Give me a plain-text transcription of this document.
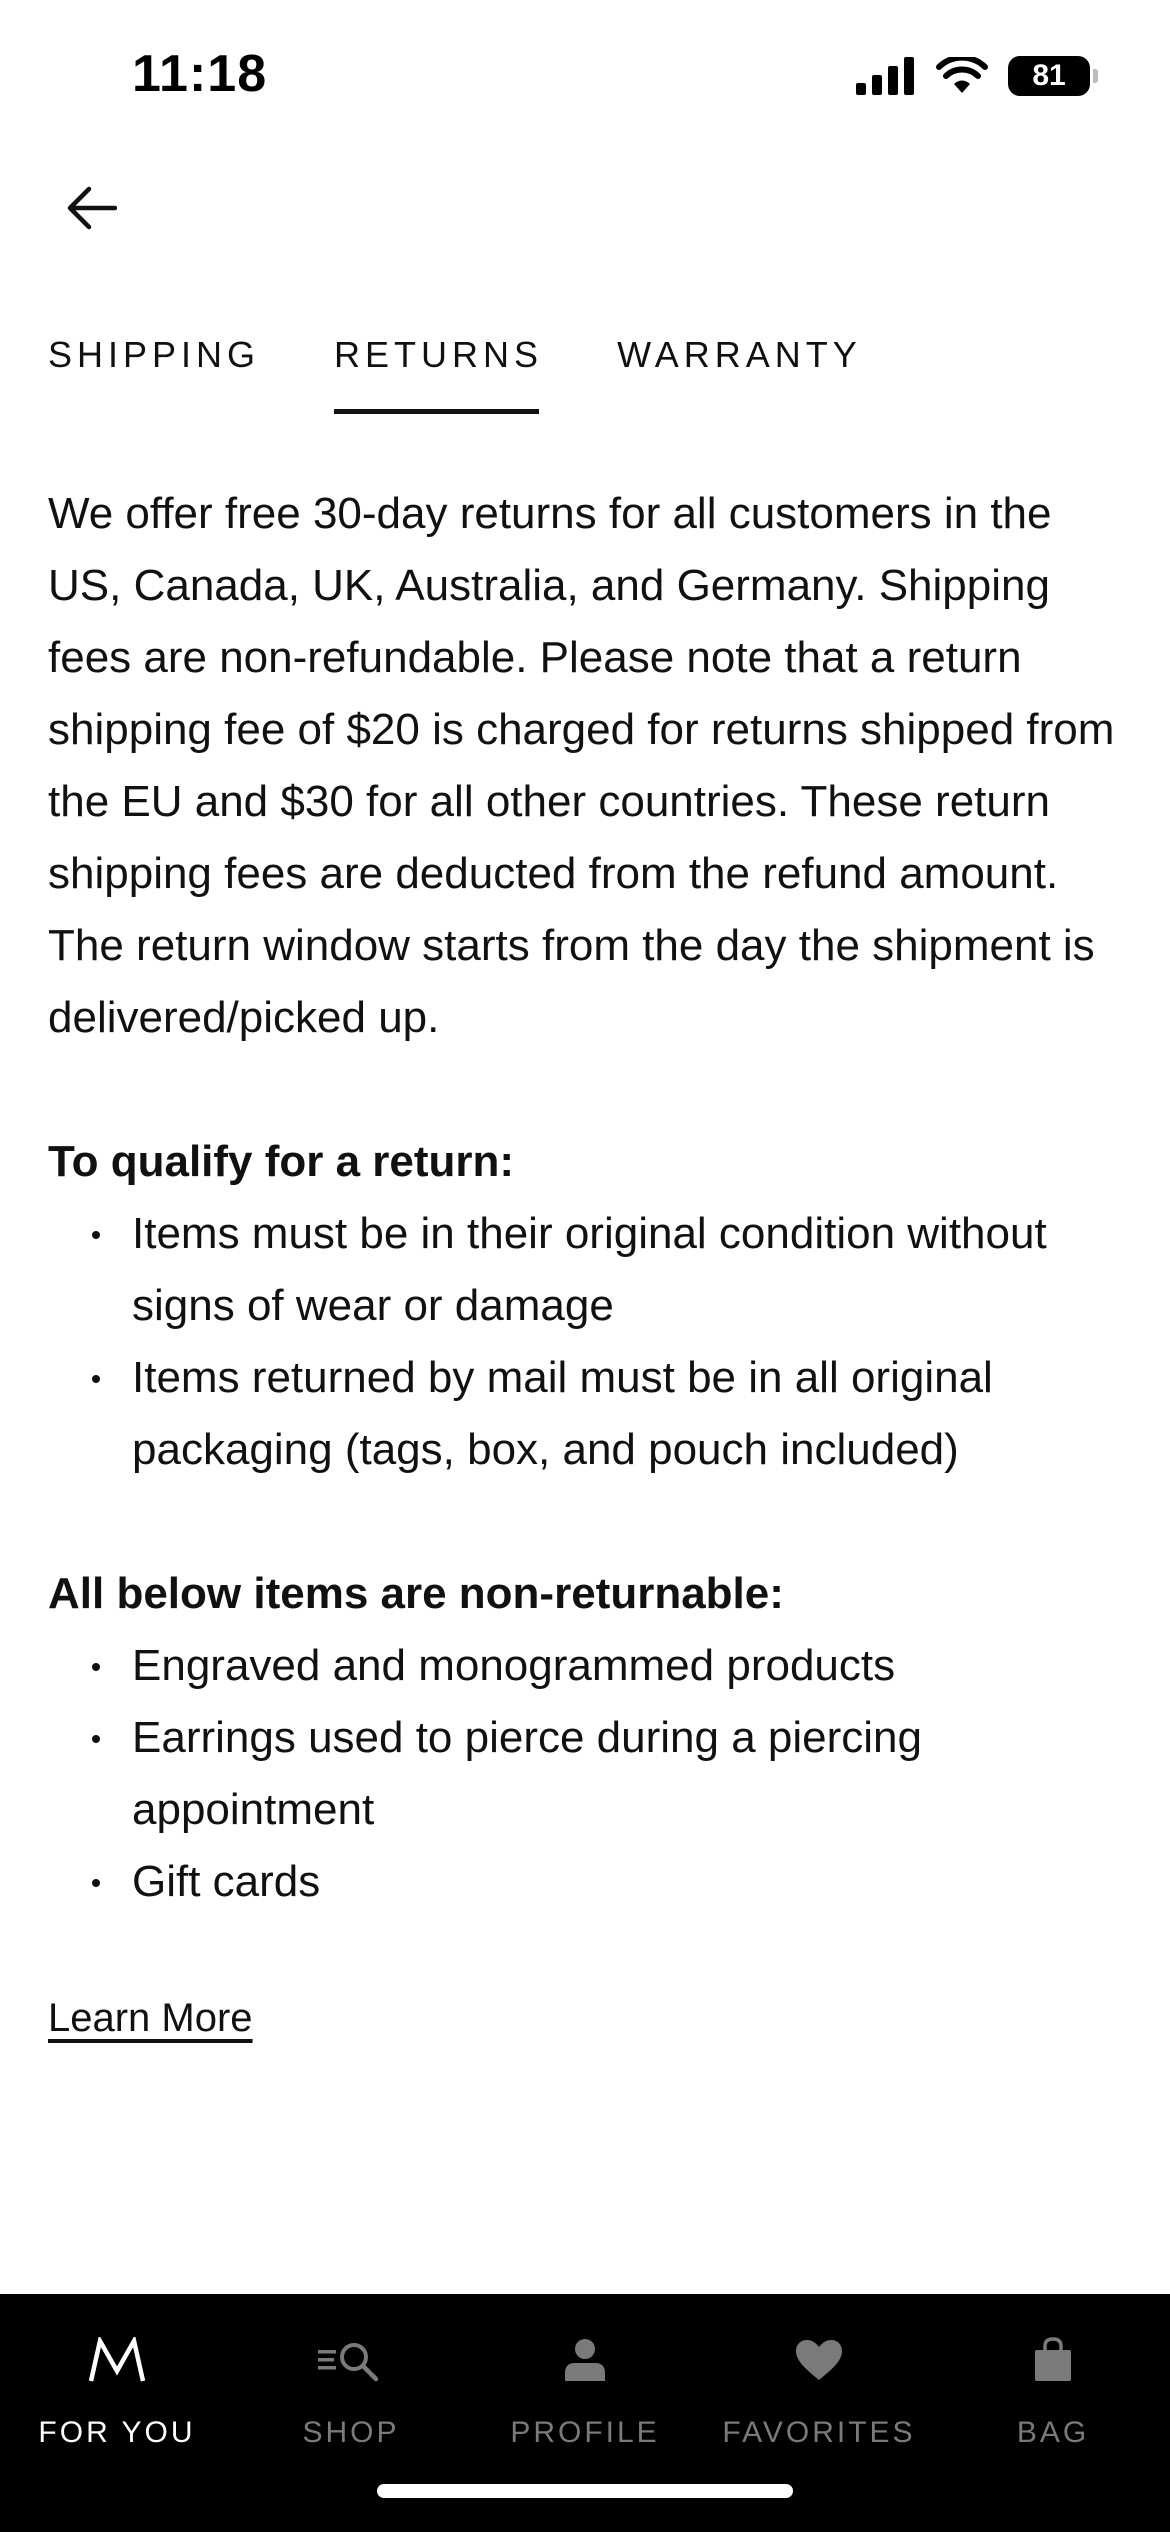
11:18	81
SHIPPING RETURNS WARRANTY

We offer free 30-day returns for all customers in the US, Canada, UK, Australia, and Germany. Shipping fees are non-refundable. Please note that a return shipping fee of $20 is charged for returns shipped from the EU and $30 for all other countries. These return shipping fees are deducted from the refund amount. The return window starts from the day the shipment is delivered/picked up.

To qualify for a return:

Items must be in their original condition without signs of wear or damage
Items returned by mail must be in all original packaging (tags, box, and pouch included)

All below items are non-returnable:

Engraved and monogrammed products
Earrings used to pierce during a piercing appointment
Gift cards
Learn More
FOR YOU	SHOP	PROFILE FAVORITES	BAG
